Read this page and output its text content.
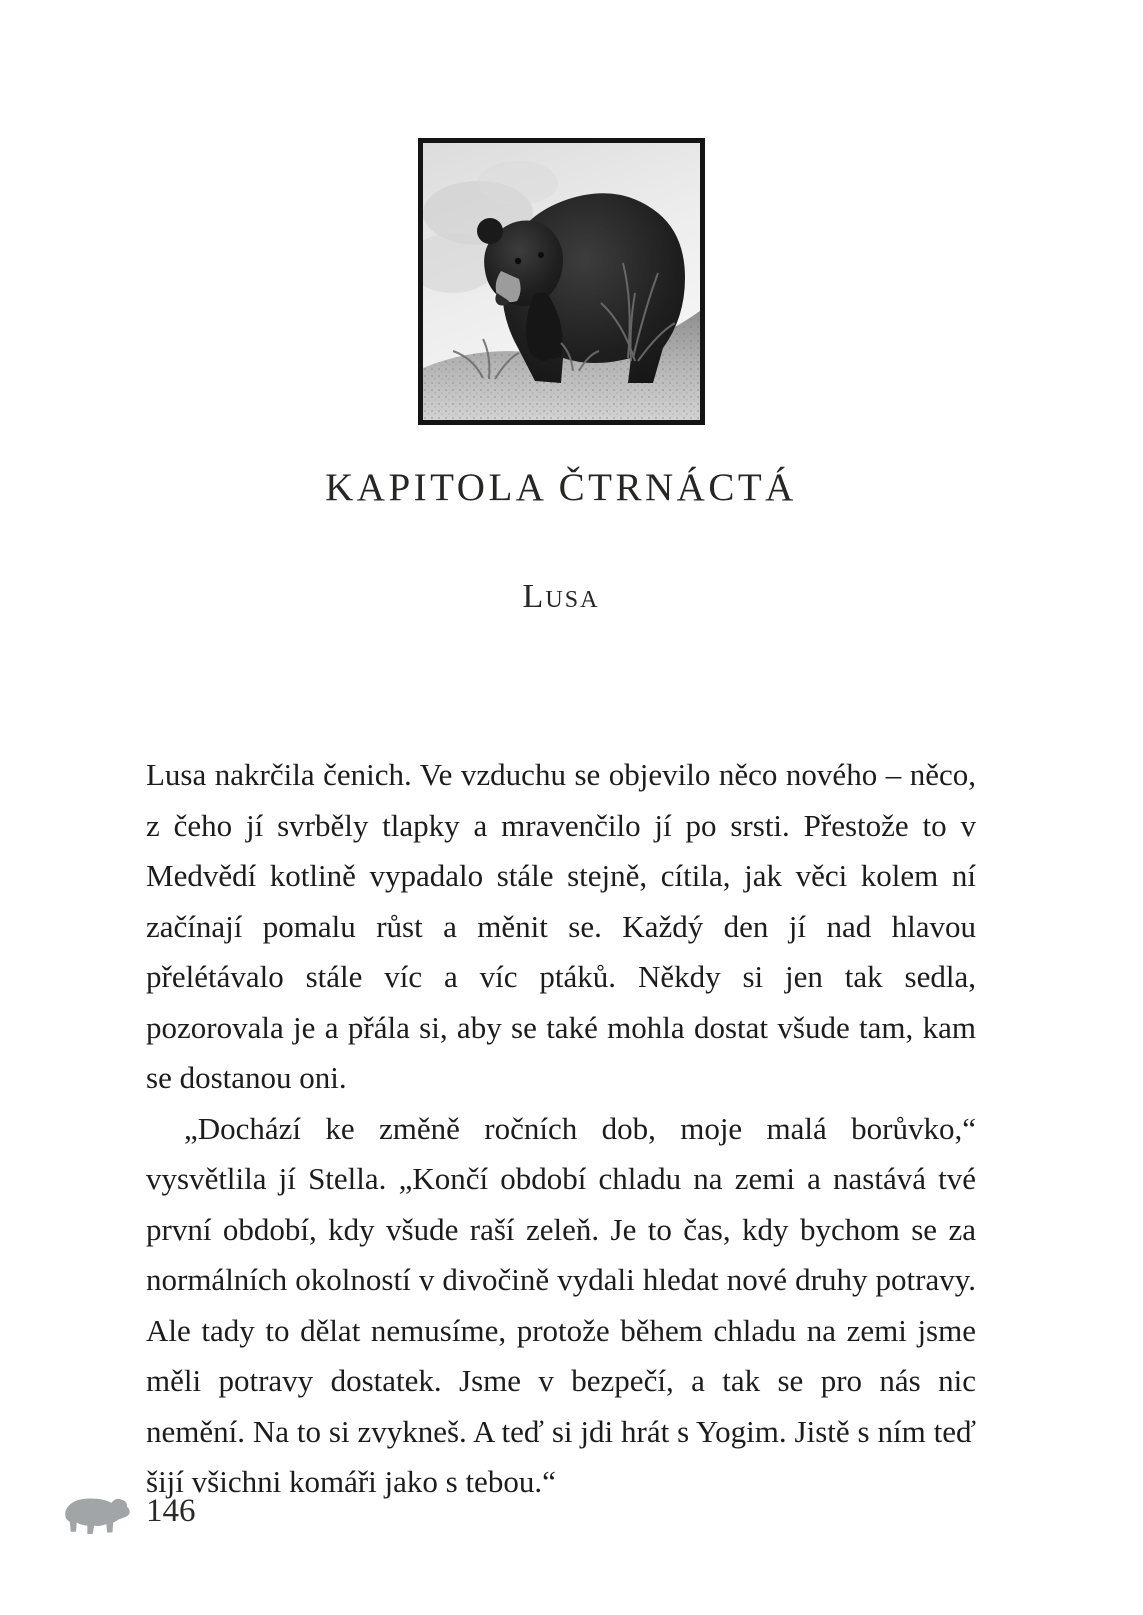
KAPITOLA ČTRNÁCTÁ
Lusa

Lusa nakrčila čenich. Ve vzduchu se objevilo něco nového – něco, z čeho jí svrběly tlapky a mravenčilo jí po srsti. Přestože to v Medvědí kotlině vypadalo stále stejně, cítila, jak věci kolem ní začínají pomalu růst a měnit se. Každý den jí nad hlavou přelétávalo stále víc a víc ptáků. Někdy si jen tak sedla, pozorovala je a přála si, aby se také mohla dostat všude tam, kam se dostanou oni.

„Dochází ke změně ročních dob, moje malá borůvko,“ vysvětlila jí Stella. „Končí období chladu na zemi a nastává tvé první období, kdy všude raší zeleň. Je to čas, kdy bychom se za normálních okolností v divočině vydali hledat nové druhy potravy. Ale tady to dělat nemusíme, protože během chladu na zemi jsme měli potravy dostatek. Jsme v bezpečí, a tak se pro nás nic nemění. Na to si zvykneš. A teď si jdi hrát s Yogim. Jistě s ním teď šijí všichni komáři jako s tebou.“

146
